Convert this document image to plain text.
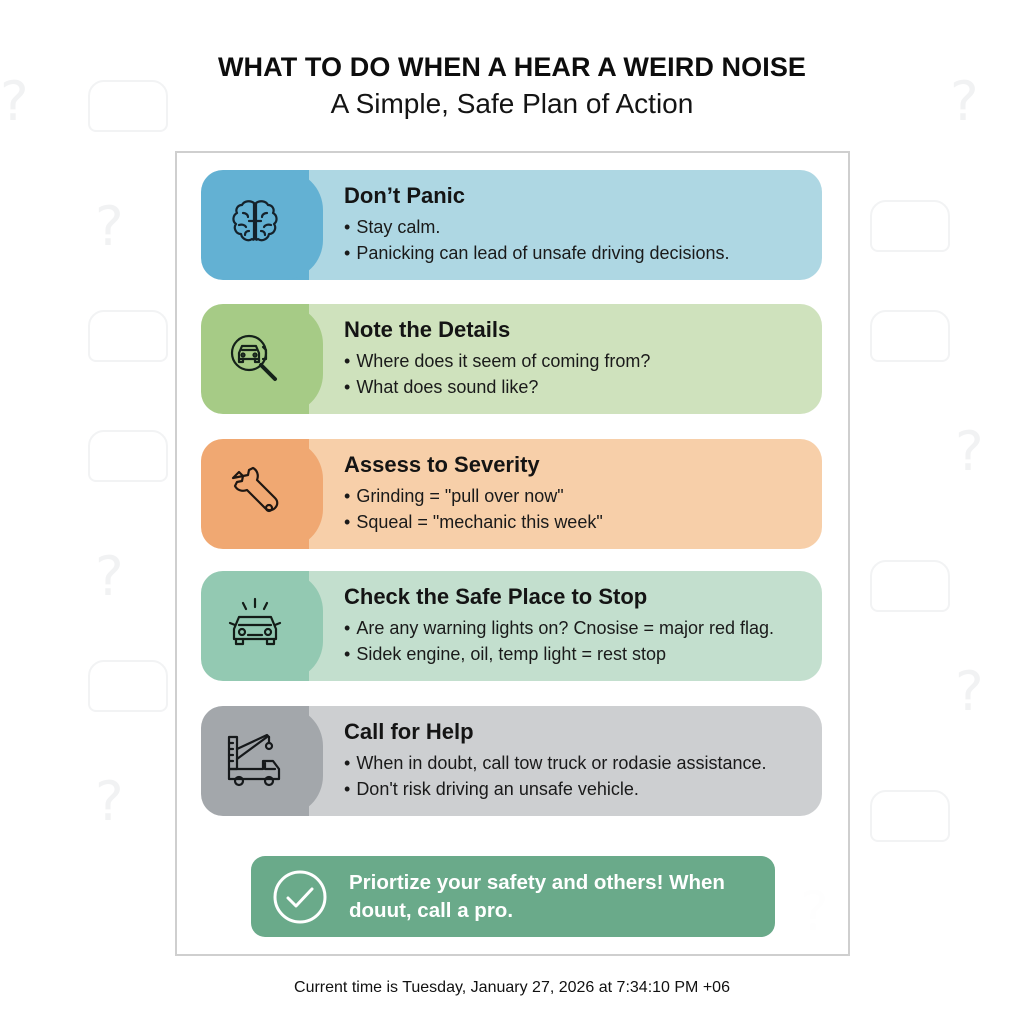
?
?
?
?
?
?
?
WHAT TO DO WHEN A HEAR A WEIRD NOISE
A Simple, Safe Plan of Action
Don’t Panic
• Stay calm.
• Panicking can lead of unsafe driving decisions.
Note the Details
• Where does it seem of coming from?
• What does sound like?
Assess to Severity
• Grinding = "pull over now"
• Squeal = "mechanic this week"
Check the Safe Place to Stop
• Are any warning lights on? Cnosise = major red flag.
• Sidek engine, oil, temp light = rest stop
Call for Help
• When in doubt, call tow truck or rodasie assistance.
• Don't risk driving an unsafe vehicle.
Priortize your safety and others! When douut, call a pro.
Current time is Tuesday, January 27, 2026 at 7:34:10 PM +06
